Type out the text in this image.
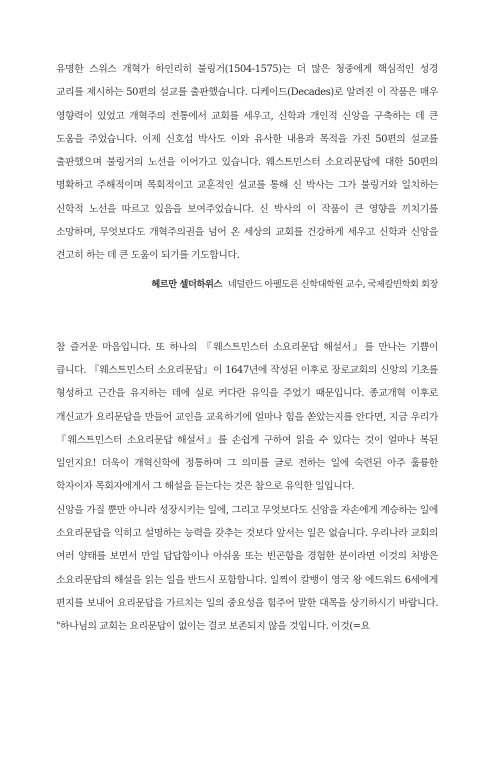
유명한 스위스 개혁가 하인리히 불링거(1504-1575)는 더 많은 청중에게 핵심적인 성경 교리를 제시하는 50편의 설교를 출판했습니다. 디케이드(Decades)로 알려진 이 작품은 매우 영향력이 있었고 개혁주의 전통에서 교회를 세우고, 신학과 개인적 신앙을 구축하는 데 큰 도움을 주었습니다. 이제 신호섭 박사도 이와 유사한 내용과 목적을 가진 50편의 설교를 출판했으며 불링거의 노선을 이어가고 있습니다. 웨스트민스터 소요리문답에 대한 50편의 명확하고 주해적이며 목회적이고 교훈적인 설교를 통해 신 박사는 그가 불링거와 일치하는 신학적 노선을 따르고 있음을 보여주었습니다. 신 박사의 이 작품이 큰 영향을 끼치기를 소망하며, 무엇보다도 개혁주의권을 넘어 온 세상의 교회를 건강하게 세우고 신학과 신앙을 견고히 하는 데 큰 도움이 되기를 기도합니다.

헤르만 셀더하위스 네덜란드 아펠도른 신학대학원 교수, 국제칼빈학회 회장

참 즐거운 마음입니다. 또 하나의 『웨스트민스터 소요리문답 해설서』를 만나는 기쁨이 큽니다. 『웨스트민스터 소요리문답』이 1647년에 작성된 이후로 장로교회의 신앙의 기초를 형성하고 근간을 유지하는 데에 실로 커다란 유익을 주었기 때문입니다. 종교개혁 이후로 개신교가 요리문답을 만들어 교인을 교육하기에 얼마나 힘을 쏟았는지를 안다면, 지금 우리가 『웨스트민스터 소요리문답 해설서』를 손쉽게 구하여 읽을 수 있다는 것이 얼마나 복된 일인지요! 더욱이 개혁신학에 정통하며 그 의미를 글로 전하는 일에 숙련된 아주 훌륭한 학자이자 목회자에게서 그 해설을 듣는다는 것은 참으로 유익한 일입니다.

신앙을 가질 뿐만 아니라 성장시키는 일에, 그리고 무엇보다도 신앙을 자손에게 계승하는 일에 소요리문답을 익히고 설명하는 능력을 갖추는 것보다 앞서는 일은 없습니다. 우리나라 교회의 여러 양태를 보면서 만일 답답함이나 아쉬움 또는 빈곤함을 경험한 분이라면 이것의 처방은 소요리문답의 해설을 읽는 일을 반드시 포함합니다. 일찍이 칼뱅이 영국 왕 에드워드 6세에게 편지를 보내어 요리문답을 가르치는 일의 중요성을 힘주어 말한 대목을 상기하시기 바랍니다. "하나님의 교회는 요리문답이 없이는 결코 보존되지 않을 것입니다. 이것(=요
